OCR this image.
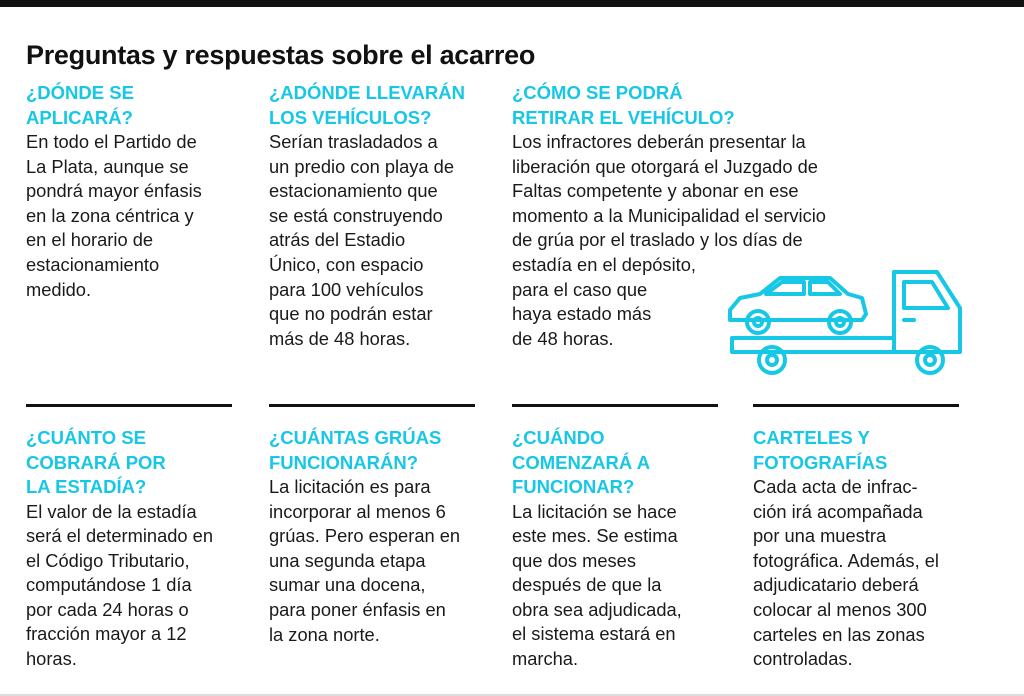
Preguntas y respuestas sobre el acarreo

¿DÓNDE SE
APLICARÁ?

En todo el Partido de
La Plata, aunque se
pondrá mayor énfasis
en la zona céntrica y
en el horario de
estacionamiento
medido.

¿ADÓNDE LLEVARÁN
LOS VEHÍCULOS?

Serían trasladados a
un predio con playa de
estacionamiento que
se está construyendo
atrás del Estadio
Único, con espacio
para 100 vehículos
que no podrán estar
más de 48 horas.

¿CÓMO SE PODRÁ
RETIRAR EL VEHÍCULO?

Los infractores deberán presentar la
liberación que otorgará el Juzgado de
Faltas competente y abonar en ese
momento a la Municipalidad el servicio
de grúa por el traslado y los días de
estadía en el depósito,
para el caso que
haya estado más
de 48 horas.

¿CUÁNTO SE
COBRARÁ POR
LA ESTADÍA?

El valor de la estadía
será el determinado en
el Código Tributario,
computándose 1 día
por cada 24 horas o
fracción mayor a 12
horas.

¿CUÁNTAS GRÚAS
FUNCIONARÁN?

La licitación es para
incorporar al menos 6
grúas. Pero esperan en
una segunda etapa
sumar una docena,
para poner énfasis en
la zona norte.

¿CUÁNDO
COMENZARÁ A
FUNCIONAR?

La licitación se hace
este mes. Se estima
que dos meses
después de que la
obra sea adjudicada,
el sistema estará en
marcha.

CARTELES Y
FOTOGRAFÍAS

Cada acta de infrac-
ción irá acompañada
por una muestra
fotográfica. Además, el
adjudicatario deberá
colocar al menos 300
carteles en las zonas
controladas.
